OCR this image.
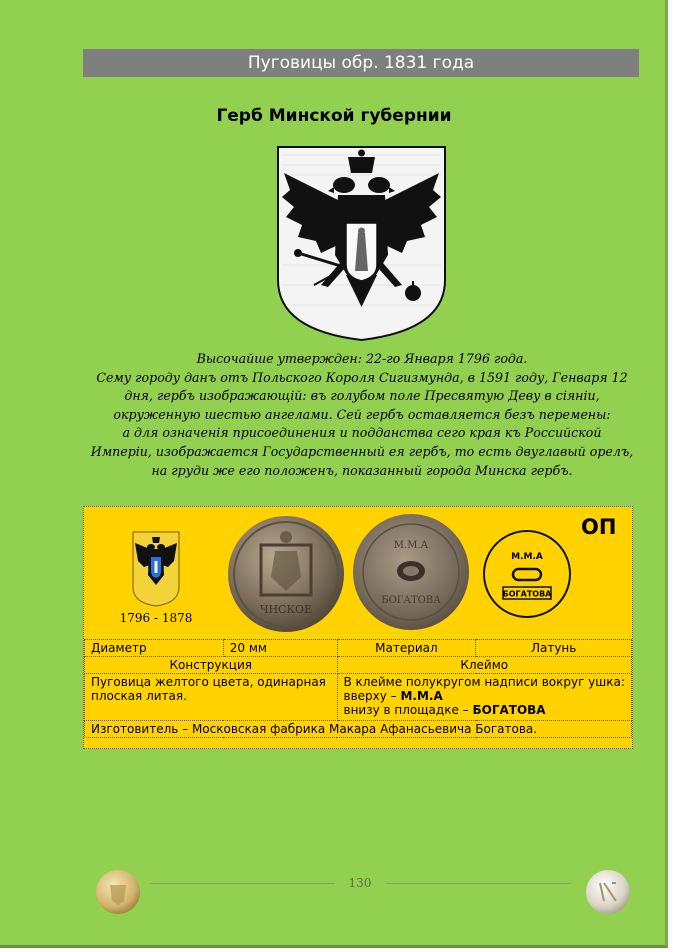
Пуговицы обр. 1831 года
Герб Минской губернии
Высочайше утвержден: 22-го Января 1796 года.
Сему городу данъ отъ Польского Короля Сигизмунда, в 1591 году, Генваря 12
дня, гербъ изображающій: въ голубом поле Пресвятую Деву в сіяніи,
окруженную шестью ангелами. Сей гербъ оставляется безъ перемены:
а для означенія присоединения и подданства сего края къ Российской
Имперіи, изображается Государственный ея гербъ, то есть двуглавый орелъ,
на груди же его положенъ, показанный города Минска гербъ.
1796 - 1878
ЧНСКОЕ
М.М.А
БОГАТОВА
М.М.А
БОГАТОВА
ОП
Диаметр	20 мм	Материал	Латунь
Конструкция		Клеймо	
Пуговица желтого цвета, одинарная плоская литая.		В клейме полукругом надписи вокруг ушка:
вверху – М.М.А
внизу в площадке – БОГАТОВА	

Изготовитель – Московская фабрика Макара Афанасьевича Богатова.			
130
